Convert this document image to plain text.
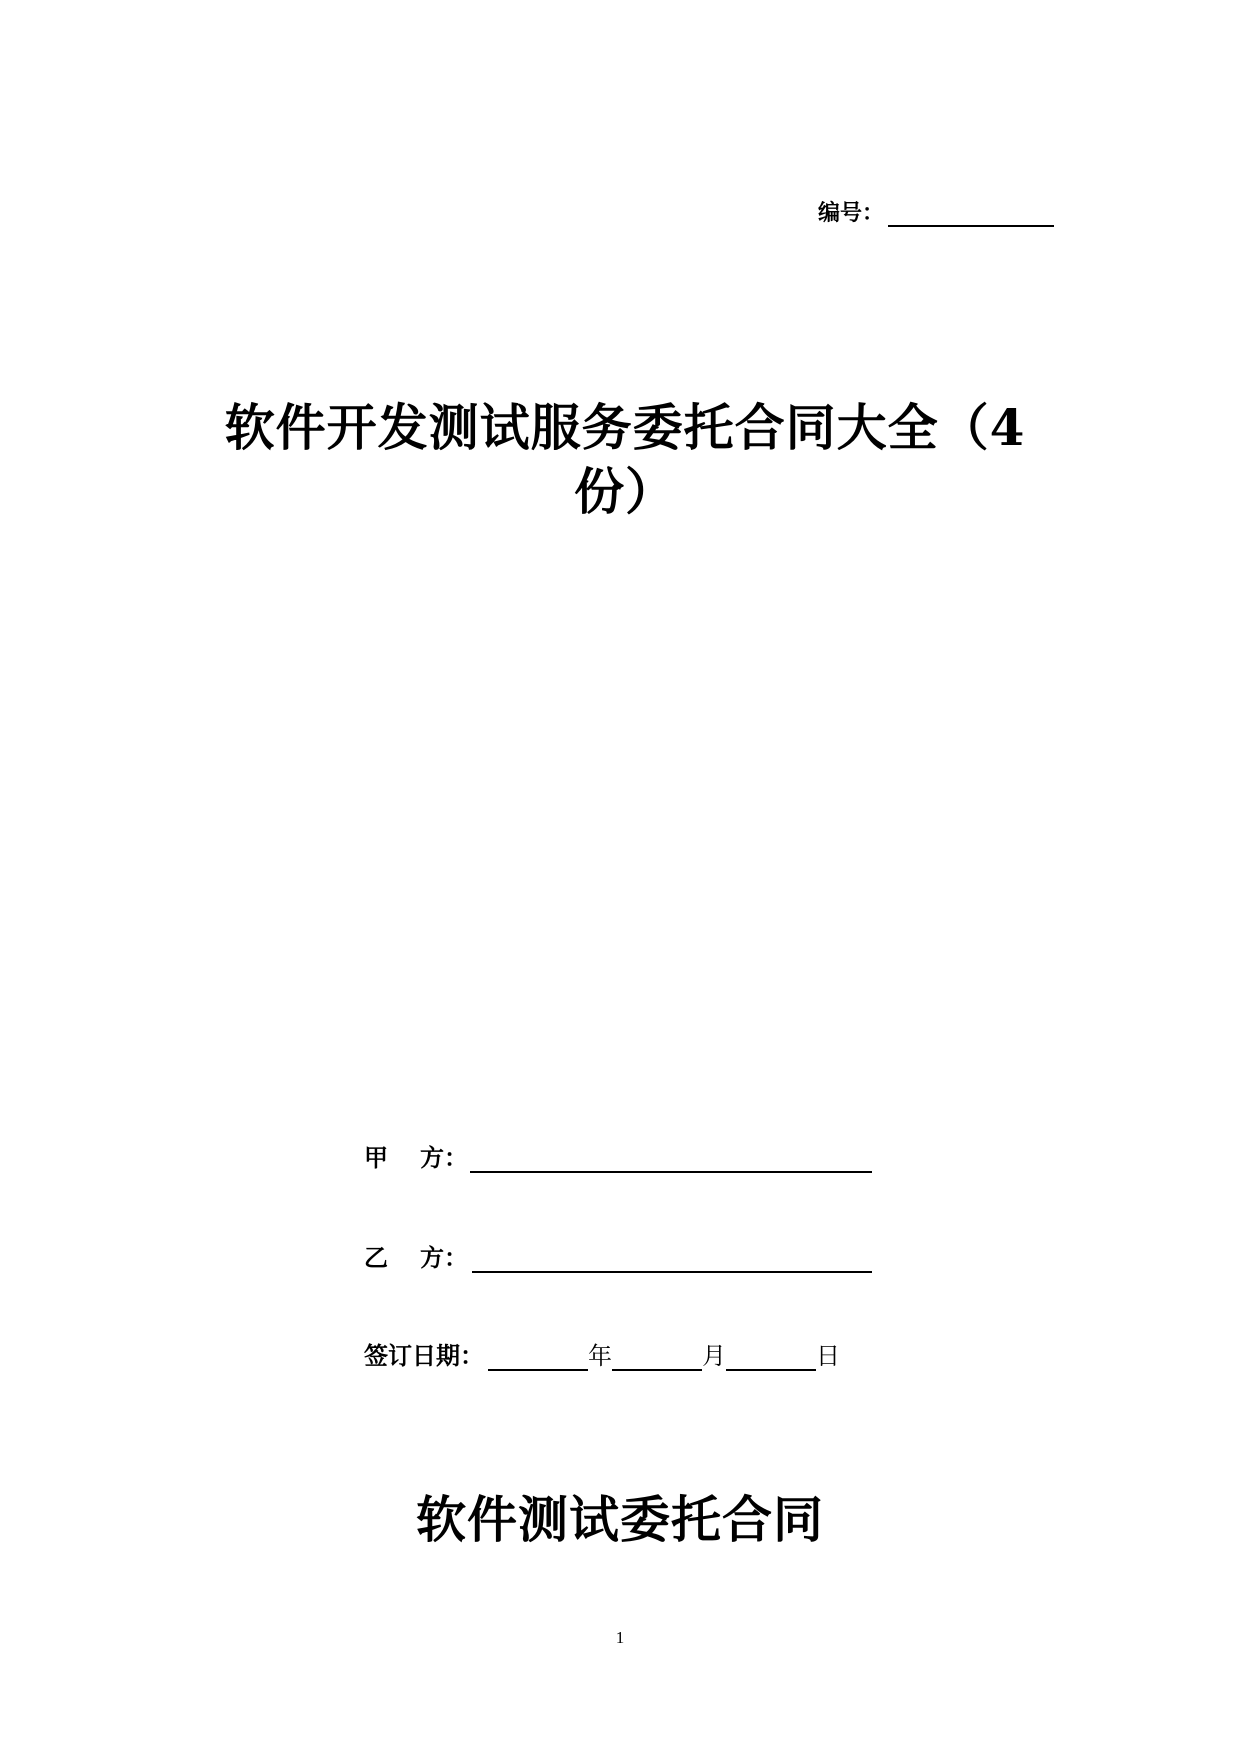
编号：
软件开发测试服务委托合同大全（4份）
甲 方：
乙 方：
签订日期：	年	月	日
软件测试委托合同
1
